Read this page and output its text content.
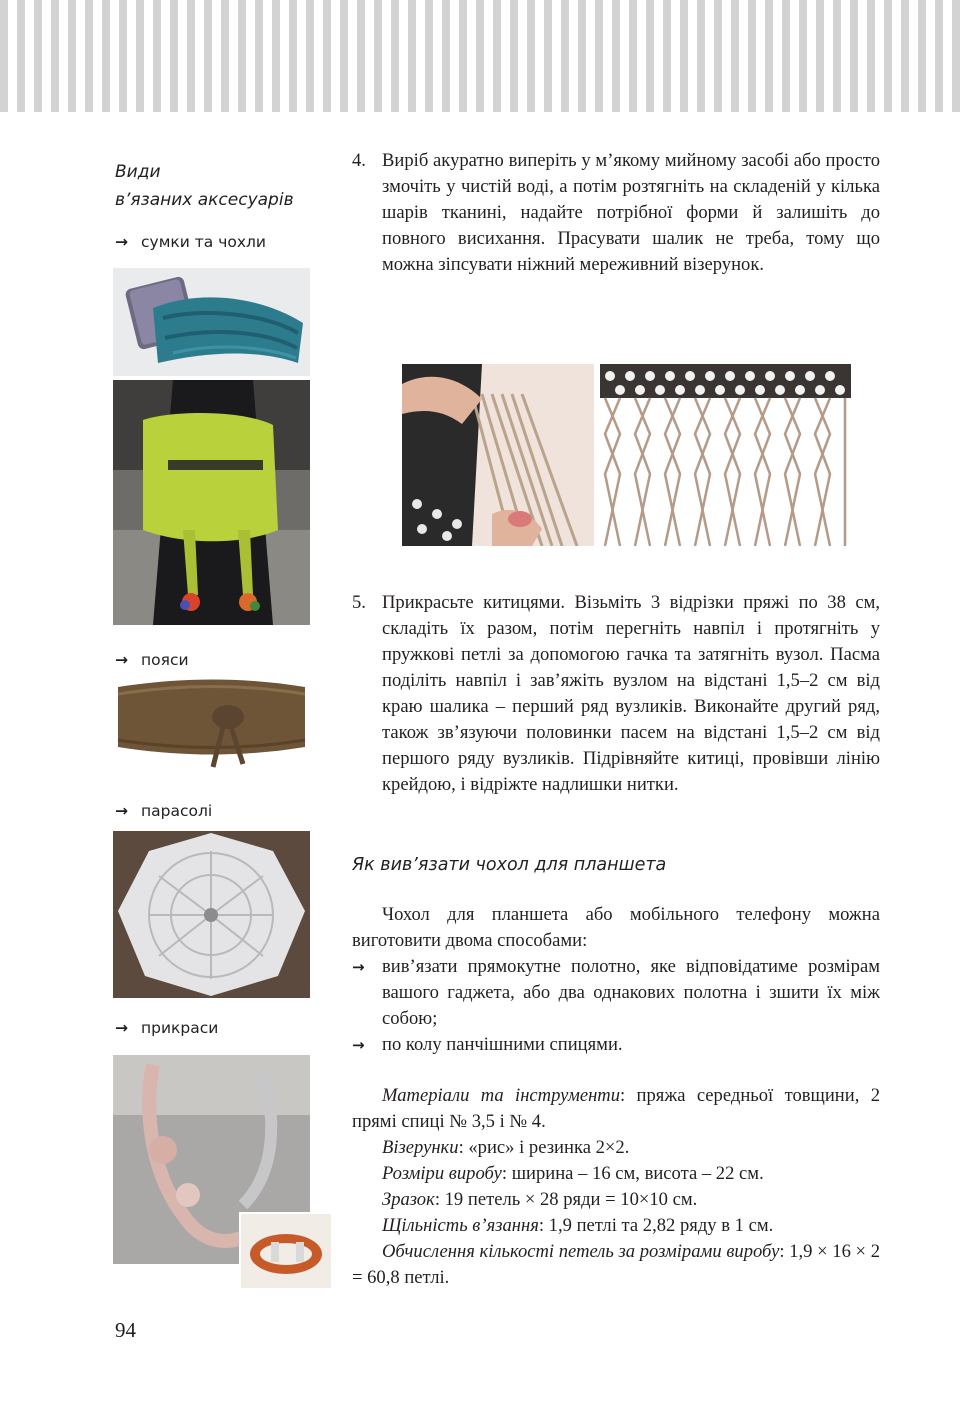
Види
в’язаних аксесуарів
→ сумки та чохли
→ пояси
→ парасолі
→ прикраси
4. Виріб акуратно виперіть у м’якому мийному засобі або просто змочіть у чистій воді, а потім розтягніть на складеній у кілька шарів тканині, надайте потрібної форми й залишіть до повного висихання. Прасувати шалик не треба, тому що можна зіпсувати ніжний мереживний візерунок.
5. Прикрасьте китицями. Візьміть 3 відрізки пряжі по 38 см, складіть їх разом, потім перегніть навпіл і протягніть у пружкові петлі за допомогою гачка та затягніть вузол. Пасма поділіть навпіл і зав’яжіть вузлом на відстані 1,5–2 см від краю шалика – перший ряд вузликів. Виконайте другий ряд, також зв’язуючи половинки пасем на відстані 1,5–2 см від першого ряду вузликів. Підрівняйте китиці, провівши лінію крейдою, і відріжте надлишки нитки.
Як вив’язати чохол для планшета
Чохол для планшета або мобільного телефону можна виготовити двома способами:
→ вив’язати прямокутне полотно, яке відповідатиме розмірам вашого гаджета, або два однакових полотна і зшити їх між собою;
→ по колу панчішними спицями.
Матеріали та інструменти: пряжа середньої товщини, 2 прямі спиці № 3,5 і № 4.
Візерунки: «рис» і резинка 2×2.
Розміри виробу: ширина – 16 см, висота – 22 см.
Зразок: 19 петель × 28 ряди = 10×10 см.
Щільність в’язання: 1,9 петлі та 2,82 ряду в 1 см.
Обчислення кількості петель за розмірами виробу: 1,9 × 16 × 2 = 60,8 петлі.
94
